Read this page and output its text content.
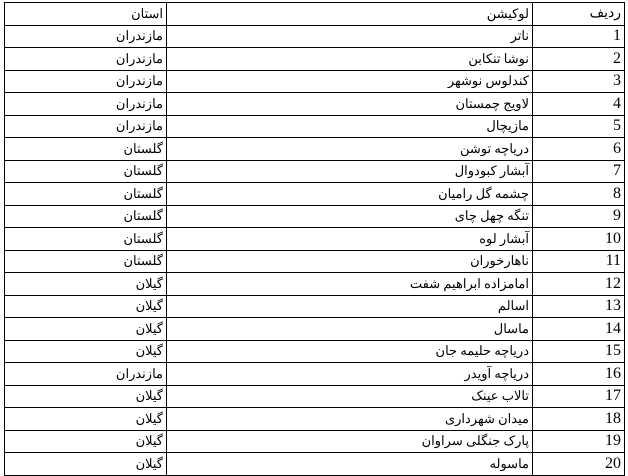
ردیف	لوکیشن	استان
1	ناتر	مازندران
2	نوشا تنکابن	مازندران
3	کندلوس نوشهر	مازندران
4	لاویج چمستان	مازندران
5	مازیچال	مازندران
6	دریاچه توشن	گلستان
7	آبشار کبودوال	گلستان
8	چشمه گل رامیان	گلستان
9	تنگه چهل چای	گلستان
10	آبشار لوه	گلستان
11	ناهارخوران	گلستان
12	امامزاده ابراهیم شفت	گیلان
13	اسالم	گیلان
14	ماسال	گیلان
15	دریاچه حلیمه جان	گیلان
16	دریاچه آویدر	مازندران
17	تالاب عینک	گیلان
18	میدان شهرداری	گیلان
19	پارک جنگلی سراوان	گیلان
20	ماسوله	گیلان
